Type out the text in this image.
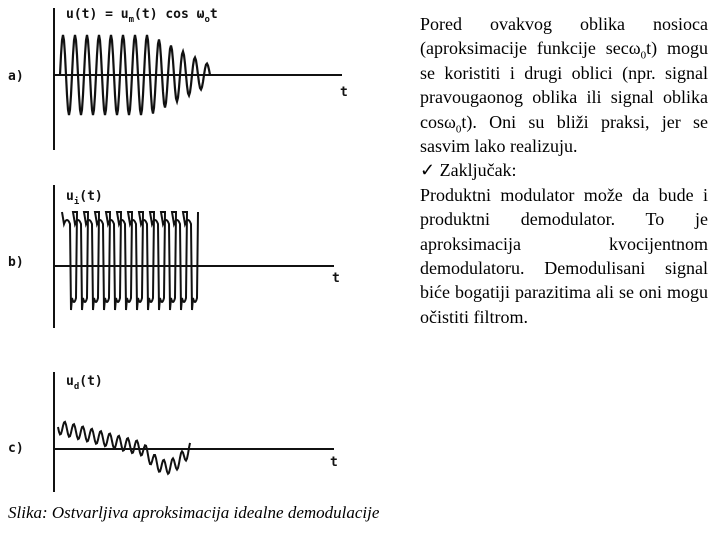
$u(t) = u_m(t)$ $\cos \omega_ot$
a)
t
$u_i(t)$
b)
t
$u_d(t)$
c)
t

Pored ovakvog oblika nosioca (aproksimacije funkcije secω$_0$t) mogu se koristiti i drugi oblici (npr. signal pravougaonog oblika ili signal oblika cosω$_0$t). Oni su bliži praksi, jer se sasvim lako realizuju.

✓ Zaključak:

Produktni modulator može da bude i produktni demodulator. To je aproksimacija kvocijentnom demodulatoru. Demodulisani signal biće bogatiji parazitima ali se oni mogu očistiti filtrom.

Slika: Ostvarljiva aproksimacija idealne demodulacije
